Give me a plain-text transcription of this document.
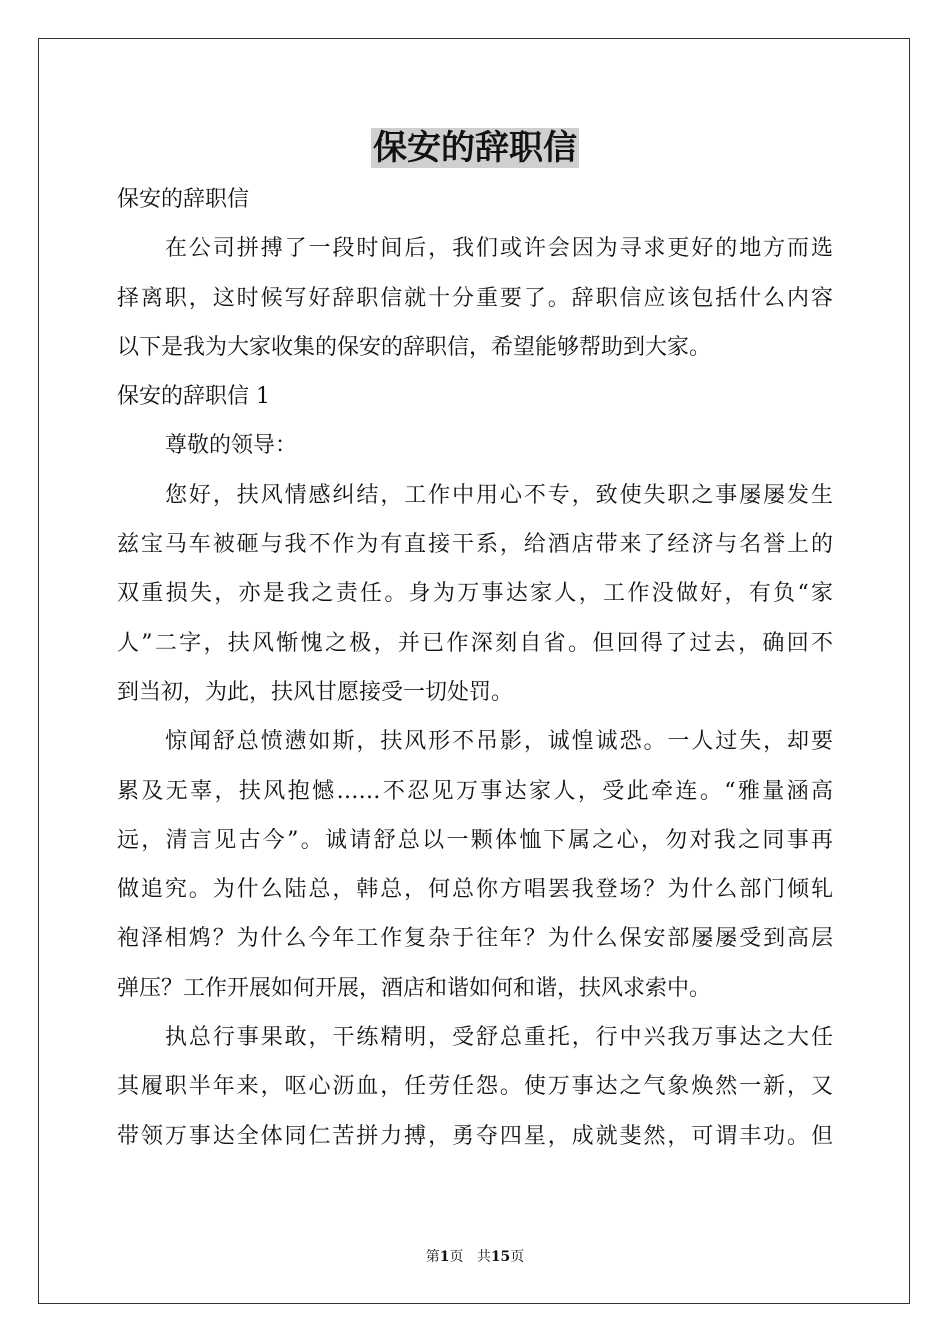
保安的辞职信
保安的辞职信
在公司拼搏了一段时间后，我们或许会因为寻求更好的地方而选
择离职，这时候写好辞职信就十分重要了。辞职信应该包括什么内容
以下是我为大家收集的保安的辞职信，希望能够帮助到大家。
保安的辞职信 1
尊敬的领导：
您好，扶风情感纠结，工作中用心不专，致使失职之事屡屡发生
兹宝马车被砸与我不作为有直接干系，给酒店带来了经济与名誉上的
双重损失，亦是我之责任。身为万事达家人，工作没做好，有负“家
人”二字，扶风惭愧之极，并已作深刻自省。但回得了过去，确回不
到当初，为此，扶风甘愿接受一切处罚。
惊闻舒总愤懑如斯，扶风形不吊影，诚惶诚恐。一人过失，却要
累及无辜，扶风抱憾……不忍见万事达家人，受此牵连。“雅量涵高
远，清言见古今”。诚请舒总以一颗体恤下属之心，勿对我之同事再
做追究。为什么陆总，韩总，何总你方唱罢我登场？为什么部门倾轧
袍泽相鸩？为什么今年工作复杂于往年？为什么保安部屡屡受到高层
弹压？工作开展如何开展，酒店和谐如何和谐，扶风求索中。
执总行事果敢，干练精明，受舒总重托，行中兴我万事达之大任
其履职半年来，呕心沥血，任劳任怨。使万事达之气象焕然一新，又
带领万事达全体同仁苦拼力搏，勇夺四星，成就斐然，可谓丰功。但
第1页 共15页
